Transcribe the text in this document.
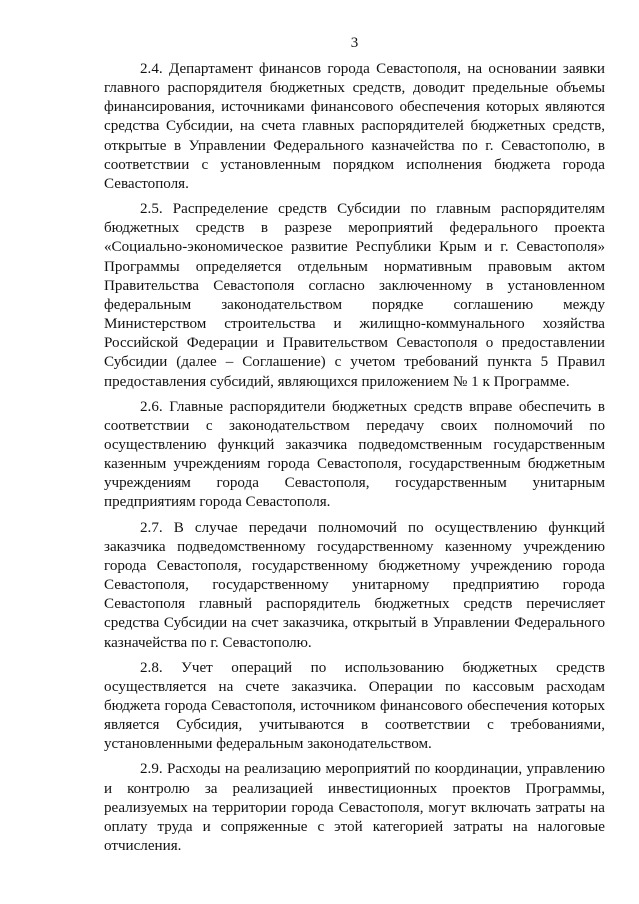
3

2.4. Департамент финансов города Севастополя, на основании заявки главного распорядителя бюджетных средств, доводит предельные объемы финансирования, источниками финансового обеспечения которых являются средства Субсидии, на счета главных распорядителей бюджетных средств, открытые в Управлении Федерального казначейства по г. Севастополю, в соответствии с установленным порядком исполнения бюджета города Севастополя.

2.5. Распределение средств Субсидии по главным распорядителям бюджетных средств в разрезе мероприятий федерального проекта «Социально-экономическое развитие Республики Крым и г. Севастополя» Программы определяется отдельным нормативным правовым актом Правительства Севастополя согласно заключенному в установленном федеральным законодательством порядке соглашению между Министерством строительства и жилищно-коммунального хозяйства Российской Федерации и Правительством Севастополя о предоставлении Субсидии (далее – Соглашение) с учетом требований пункта 5 Правил предоставления субсидий, являющихся приложением № 1 к Программе.

2.6. Главные распорядители бюджетных средств вправе обеспечить в соответствии с законодательством передачу своих полномочий по осуществлению функций заказчика подведомственным государственным казенным учреждениям города Севастополя, государственным бюджетным учреждениям города Севастополя, государственным унитарным предприятиям города Севастополя.

2.7. В случае передачи полномочий по осуществлению функций заказчика подведомственному государственному казенному учреждению города Севастополя, государственному бюджетному учреждению города Севастополя, государственному унитарному предприятию города Севастополя главный распорядитель бюджетных средств перечисляет средства Субсидии на счет заказчика, открытый в Управлении Федерального казначейства по г. Севастополю.

2.8. Учет операций по использованию бюджетных средств осуществляется на счете заказчика. Операции по кассовым расходам бюджета города Севастополя, источником финансового обеспечения которых является Субсидия, учитываются в соответствии с требованиями, установленными федеральным законодательством.

2.9. Расходы на реализацию мероприятий по координации, управлению и контролю за реализацией инвестиционных проектов Программы, реализуемых на территории города Севастополя, могут включать затраты на оплату труда и сопряженные с этой категорией затраты на налоговые отчисления.
